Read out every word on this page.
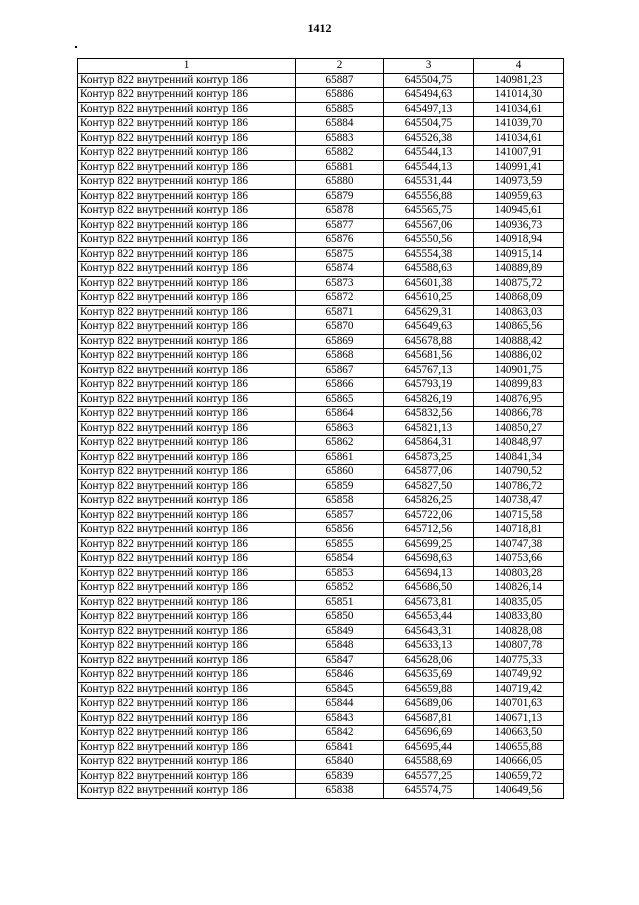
1412
1	2	3	4
Контур 822 внутренний контур 186	65887	645504,75	140981,23
Контур 822 внутренний контур 186	65886	645494,63	141014,30
Контур 822 внутренний контур 186	65885	645497,13	141034,61
Контур 822 внутренний контур 186	65884	645504,75	141039,70
Контур 822 внутренний контур 186	65883	645526,38	141034,61
Контур 822 внутренний контур 186	65882	645544,13	141007,91
Контур 822 внутренний контур 186	65881	645544,13	140991,41
Контур 822 внутренний контур 186	65880	645531,44	140973,59
Контур 822 внутренний контур 186	65879	645556,88	140959,63
Контур 822 внутренний контур 186	65878	645565,75	140945,61
Контур 822 внутренний контур 186	65877	645567,06	140936,73
Контур 822 внутренний контур 186	65876	645550,56	140918,94
Контур 822 внутренний контур 186	65875	645554,38	140915,14
Контур 822 внутренний контур 186	65874	645588,63	140889,89
Контур 822 внутренний контур 186	65873	645601,38	140875,72
Контур 822 внутренний контур 186	65872	645610,25	140868,09
Контур 822 внутренний контур 186	65871	645629,31	140863,03
Контур 822 внутренний контур 186	65870	645649,63	140865,56
Контур 822 внутренний контур 186	65869	645678,88	140888,42
Контур 822 внутренний контур 186	65868	645681,56	140886,02
Контур 822 внутренний контур 186	65867	645767,13	140901,75
Контур 822 внутренний контур 186	65866	645793,19	140899,83
Контур 822 внутренний контур 186	65865	645826,19	140876,95
Контур 822 внутренний контур 186	65864	645832,56	140866,78
Контур 822 внутренний контур 186	65863	645821,13	140850,27
Контур 822 внутренний контур 186	65862	645864,31	140848,97
Контур 822 внутренний контур 186	65861	645873,25	140841,34
Контур 822 внутренний контур 186	65860	645877,06	140790,52
Контур 822 внутренний контур 186	65859	645827,50	140786,72
Контур 822 внутренний контур 186	65858	645826,25	140738,47
Контур 822 внутренний контур 186	65857	645722,06	140715,58
Контур 822 внутренний контур 186	65856	645712,56	140718,81
Контур 822 внутренний контур 186	65855	645699,25	140747,38
Контур 822 внутренний контур 186	65854	645698,63	140753,66
Контур 822 внутренний контур 186	65853	645694,13	140803,28
Контур 822 внутренний контур 186	65852	645686,50	140826,14
Контур 822 внутренний контур 186	65851	645673,81	140835,05
Контур 822 внутренний контур 186	65850	645653,44	140833,80
Контур 822 внутренний контур 186	65849	645643,31	140828,08
Контур 822 внутренний контур 186	65848	645633,13	140807,78
Контур 822 внутренний контур 186	65847	645628,06	140775,33
Контур 822 внутренний контур 186	65846	645635,69	140749,92
Контур 822 внутренний контур 186	65845	645659,88	140719,42
Контур 822 внутренний контур 186	65844	645689,06	140701,63
Контур 822 внутренний контур 186	65843	645687,81	140671,13
Контур 822 внутренний контур 186	65842	645696,69	140663,50
Контур 822 внутренний контур 186	65841	645695,44	140655,88
Контур 822 внутренний контур 186	65840	645588,69	140666,05
Контур 822 внутренний контур 186	65839	645577,25	140659,72
Контур 822 внутренний контур 186	65838	645574,75	140649,56
